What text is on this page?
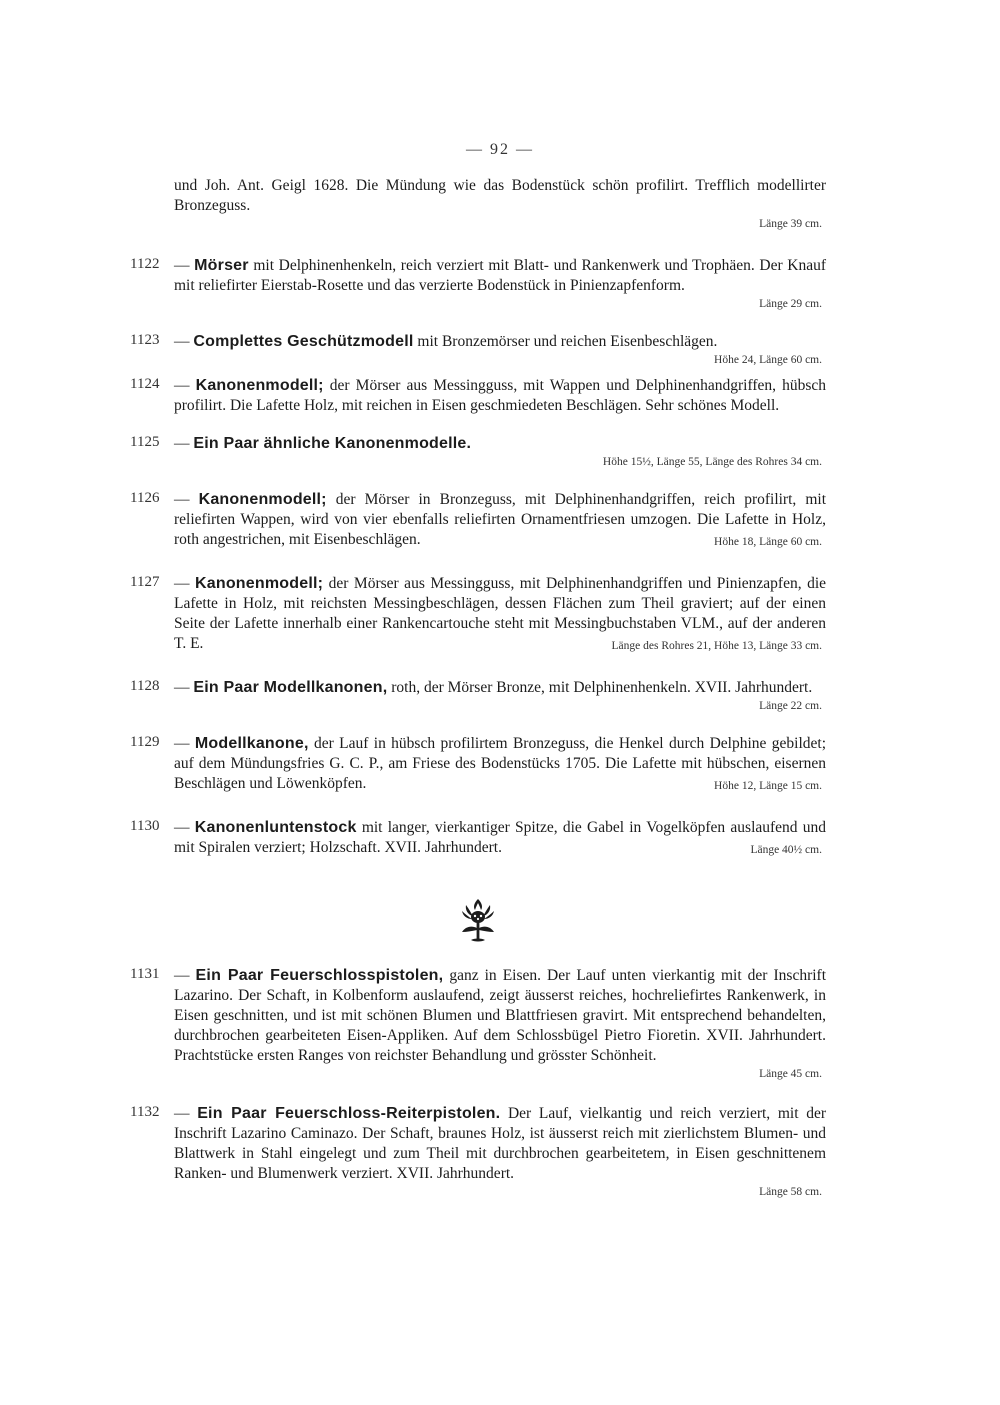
— 92 —
und Joh. Ant. Geigl 1628. Die Mündung wie das Bodenstück schön profilirt. Trefflich modellirter Bronzeguss.
Länge 39 cm.
1122 — Mörser mit Delphinenhenkeln, reich verziert mit Blatt- und Rankenwerk und Trophäen. Der Knauf mit reliefirter Eierstab-Rosette und das verzierte Bodenstück in Pinienzapfenform.
Länge 29 cm.
1123 — Complettes Geschützmodell mit Bronzemörser und reichen Eisenbeschlägen.
Höhe 24, Länge 60 cm.
1124 — Kanonenmodell; der Mörser aus Messingguss, mit Wappen und Delphinenhandgriffen, hübsch profilirt. Die Lafette Holz, mit reichen in Eisen geschmiedeten Beschlägen. Sehr schönes Modell.
1125 — Ein Paar ähnliche Kanonenmodelle.
Höhe 15½, Länge 55, Länge des Rohres 34 cm.
1126 — Kanonenmodell; der Mörser in Bronzeguss, mit Delphinenhandgriffen, reich profilirt, mit reliefirten Wappen, wird von vier ebenfalls reliefirten Ornamentfriesen umzogen. Die Lafette in Holz, roth angestrichen, mit Eisenbeschlägen.	Höhe 18, Länge 60 cm.
1127 — Kanonenmodell; der Mörser aus Messingguss, mit Delphinenhandgriffen und Pinienzapfen, die Lafette in Holz, mit reichsten Messingbeschlägen, dessen Flächen zum Theil graviert; auf der einen Seite der Lafette innerhalb einer Rankencartouche steht mit Messingbuchstaben VLM., auf der anderen T. E.	Länge des Rohres 21, Höhe 13, Länge 33 cm.
1128 — Ein Paar Modellkanonen, roth, der Mörser Bronze, mit Delphinenhenkeln. XVII. Jahrhundert.
Länge 22 cm.
1129 — Modellkanone, der Lauf in hübsch profilirtem Bronzeguss, die Henkel durch Delphine gebildet; auf dem Mündungsfries G. C. P., am Friese des Bodenstücks 1705. Die Lafette mit hübschen, eisernen Beschlägen und Löwenköpfen.	Höhe 12, Länge 15 cm.
1130 — Kanonenluntenstock mit langer, vierkantiger Spitze, die Gabel in Vogelköpfen auslaufend und mit Spiralen verziert; Holzschaft. XVII. Jahrhundert.	Länge 40½ cm.
1131 — Ein Paar Feuerschlosspistolen, ganz in Eisen. Der Lauf unten vierkantig mit der Inschrift Lazarino. Der Schaft, in Kolbenform auslaufend, zeigt äusserst reiches, hochreliefirtes Rankenwerk, in Eisen geschnitten, und ist mit schönen Blumen und Blattfriesen gravirt. Mit entsprechend behandelten, durchbrochen gearbeiteten Eisen-Appliken. Auf dem Schlossbügel Pietro Fioretin. XVII. Jahrhundert. Prachtstücke ersten Ranges von reichster Behandlung und grösster Schönheit.
Länge 45 cm.
1132 — Ein Paar Feuerschloss-Reiterpistolen. Der Lauf, vielkantig und reich verziert, mit der Inschrift Lazarino Caminazo. Der Schaft, braunes Holz, ist äusserst reich mit zierlichstem Blumen- und Blattwerk in Stahl eingelegt und zum Theil mit durchbrochen gearbeitetem, in Eisen geschnittenem Ranken- und Blumenwerk verziert. XVII. Jahrhundert.
Länge 58 cm.
